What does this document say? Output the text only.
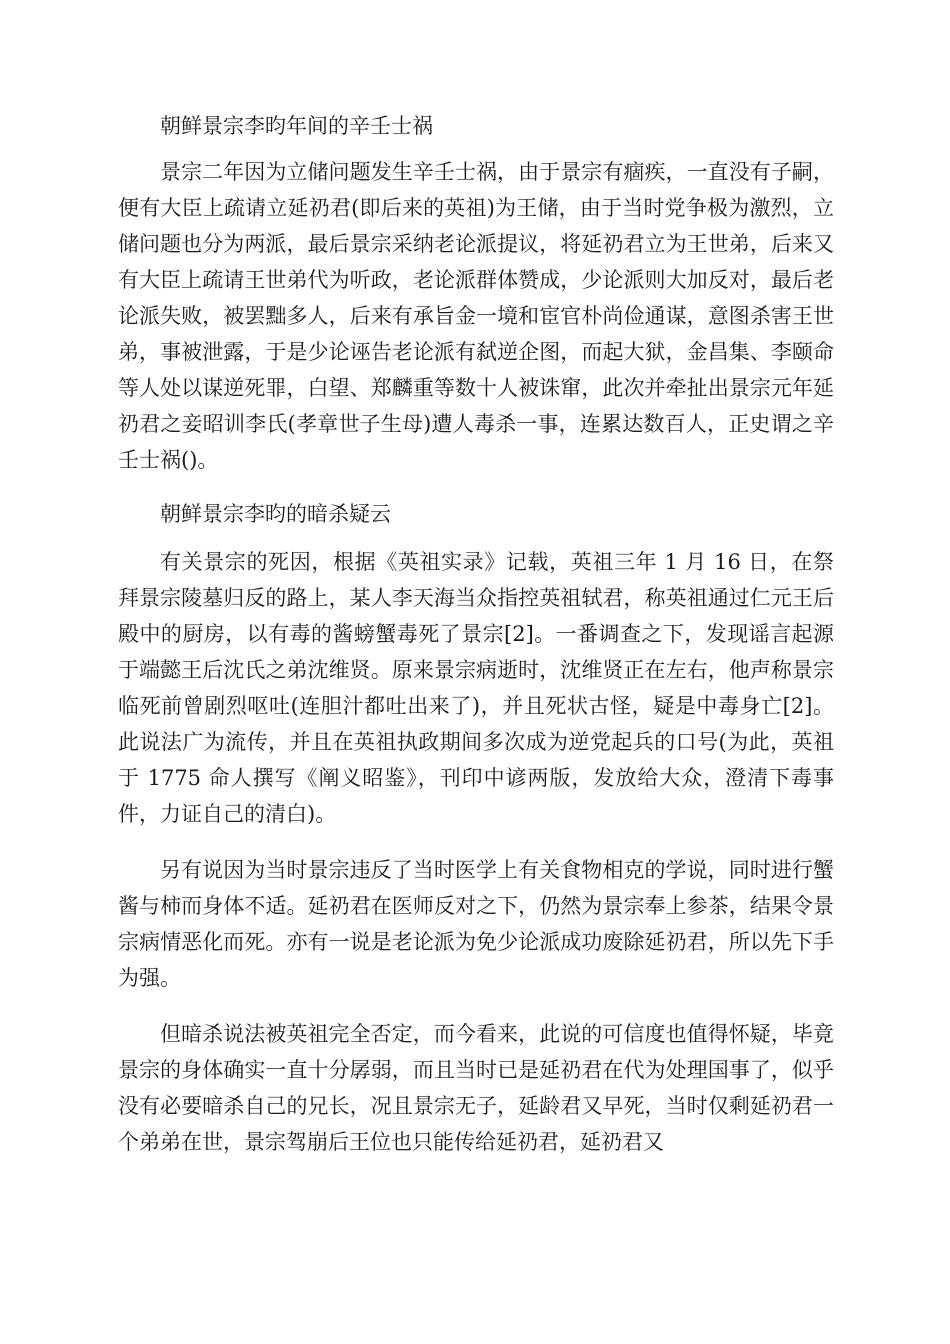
朝鲜景宗李昀年间的辛壬士祸

景宗二年因为立储问题发生辛壬士祸，由于景宗有痼疾，一直没有子嗣，便有大臣上疏请立延礽君(即后来的英祖)为王储，由于当时党争极为激烈，立储问题也分为两派，最后景宗采纳老论派提议，将延礽君立为王世弟，后来又有大臣上疏请王世弟代为听政，老论派群体赞成，少论派则大加反对，最后老论派失败，被罢黜多人，后来有承旨金一境和宦官朴尚俭通谋，意图杀害王世弟，事被泄露，于是少论诬告老论派有弑逆企图，而起大狱，金昌集、李颐命等人处以谋逆死罪，白望、郑麟重等数十人被诛窜，此次并牵扯出景宗元年延礽君之妾昭训李氏(孝章世子生母)遭人毒杀一事，连累达数百人，正史谓之辛壬士祸()。

朝鲜景宗李昀的暗杀疑云

有关景宗的死因，根据《英祖实录》记载，英祖三年 1 月 16 日，在祭拜景宗陵墓归反的路上，某人李天海当众指控英祖轼君，称英祖通过仁元王后殿中的厨房，以有毒的酱螃蟹毒死了景宗[2]。一番调查之下，发现谣言起源于端懿王后沈氏之弟沈维贤。原来景宗病逝时，沈维贤正在左右，他声称景宗临死前曾剧烈呕吐(连胆汁都吐出来了)，并且死状古怪，疑是中毒身亡[2]。此说法广为流传，并且在英祖执政期间多次成为逆党起兵的口号(为此，英祖于 1775 命人撰写《阐义昭鉴》，刊印中谚两版，发放给大众，澄清下毒事件，力证自己的清白)。

另有说因为当时景宗违反了当时医学上有关食物相克的学说，同时进行蟹酱与柿而身体不适。延礽君在医师反对之下，仍然为景宗奉上参茶，结果令景宗病情恶化而死。亦有一说是老论派为免少论派成功废除延礽君，所以先下手为强。

但暗杀说法被英祖完全否定，而今看来，此说的可信度也值得怀疑，毕竟景宗的身体确实一直十分孱弱，而且当时已是延礽君在代为处理国事了，似乎没有必要暗杀自己的兄长，况且景宗无子，延龄君又早死，当时仅剩延礽君一个弟弟在世，景宗驾崩后王位也只能传给延礽君，延礽君又
